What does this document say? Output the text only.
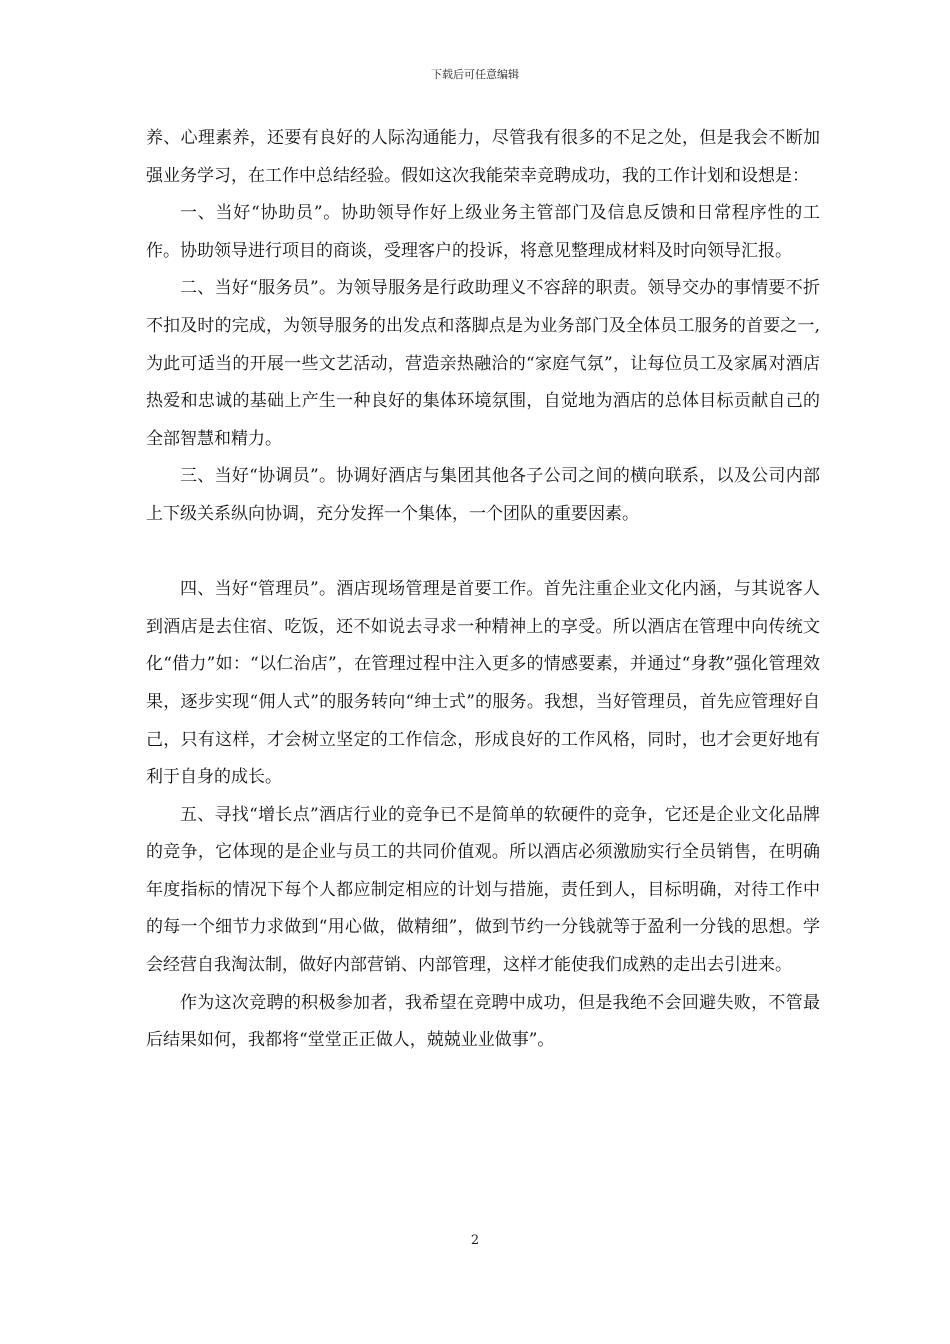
下载后可任意编辑

养、心理素养，还要有良好的人际沟通能力，尽管我有很多的不足之处，但是我会不断加强业务学习，在工作中总结经验。假如这次我能荣幸竞聘成功，我的工作计划和设想是：

一、当好“协助员”。协助领导作好上级业务主管部门及信息反馈和日常程序性的工作。协助领导进行项目的商谈，受理客户的投诉，将意见整理成材料及时向领导汇报。

二、当好“服务员”。为领导服务是行政助理义不容辞的职责。领导交办的事情要不折不扣及时的完成，为领导服务的出发点和落脚点是为业务部门及全体员工服务的首要之一, 为此可适当的开展一些文艺活动，营造亲热融洽的“家庭气氛”，让每位员工及家属对酒店热爱和忠诚的基础上产生一种良好的集体环境氛围，自觉地为酒店的总体目标贡献自己的全部智慧和精力。

三、当好“协调员”。协调好酒店与集团其他各子公司之间的横向联系，以及公司内部上下级关系纵向协调，充分发挥一个集体，一个团队的重要因素。

四、当好“管理员”。酒店现场管理是首要工作。首先注重企业文化内涵，与其说客人到酒店是去住宿、吃饭，还不如说去寻求一种精神上的享受。所以酒店在管理中向传统文化“借力”如：“以仁治店”，在管理过程中注入更多的情感要素，并通过“身教”强化管理效果，逐步实现“佣人式”的服务转向“绅士式”的服务。我想，当好管理员，首先应管理好自己，只有这样，才会树立坚定的工作信念，形成良好的工作风格，同时，也才会更好地有利于自身的成长。

五、寻找“增长点”酒店行业的竞争已不是简单的软硬件的竞争，它还是企业文化品牌的竞争，它体现的是企业与员工的共同价值观。所以酒店必须激励实行全员销售，在明确年度指标的情况下每个人都应制定相应的计划与措施，责任到人，目标明确，对待工作中的每一个细节力求做到“用心做，做精细”，做到节约一分钱就等于盈利一分钱的思想。学会经营自我淘汰制，做好内部营销、内部管理，这样才能使我们成熟的走出去引进来。

作为这次竞聘的积极参加者，我希望在竞聘中成功，但是我绝不会回避失败，不管最后结果如何，我都将“堂堂正正做人，兢兢业业做事”。

2
